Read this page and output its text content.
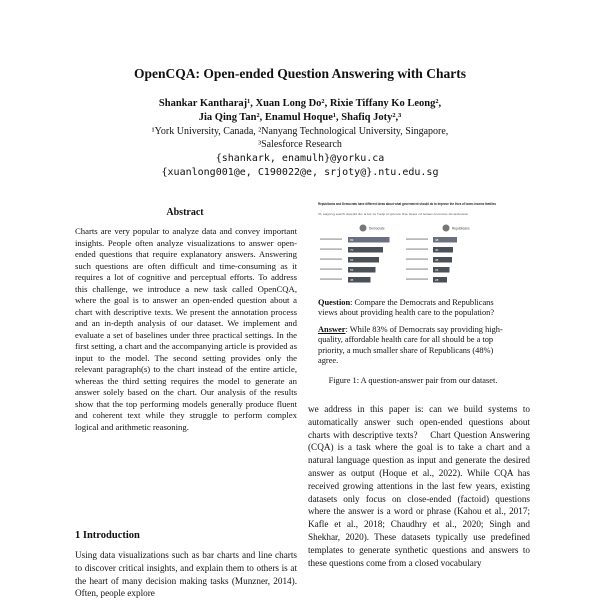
OpenCQA: Open-ended Question Answering with Charts
Shankar Kantharaj¹, Xuan Long Do², Rixie Tiffany Ko Leong²,
Jia Qing Tan², Enamul Hoque¹, Shafiq Joty²,³
¹York University, Canada, ²Nanyang Technological University, Singapore,
³Salesforce Research
{shankark, enamulh}@yorku.ca
{xuanlong001@e, C190022@e, srjoty@}.ntu.edu.sg
Abstract
Charts are very popular to analyze data and convey important insights. People often analyze visualizations to answer open-ended questions that require explanatory answers. Answering such questions are often difficult and time-consuming as it requires a lot of cognitive and perceptual efforts. To address this challenge, we introduce a new task called OpenCQA, where the goal is to answer an open-ended question about a chart with descriptive texts. We present the annotation process and an in-depth analysis of our dataset. We implement and evaluate a set of baselines under three practical settings. In the first setting, a chart and the accompanying article is provided as input to the model. The second setting provides only the relevant paragraph(s) to the chart instead of the entire article, whereas the third setting requires the model to generate an answer solely based on the chart. Our analysis of the results show that the top performing models generally produce fluent and coherent text while they struggle to perform complex logical and arithmetic reasoning.
1 Introduction
Using data visualizations such as bar charts and line charts to discover critical insights, and explain them to others is at the heart of many decision making tasks (Munzner, 2014). Often, people explore
Republicans and Democrats have different ideas about what government should do to improve the lives of lower-income families
% saying each would do a lot to help improve the lives of lower-income Americans
Democrats	Republicans
83
70
62
55
45
48
40
38
33
28
Question: Compare the Democrats and Republicans views about providing health care to the population?
Answer: While 83% of Democrats say providing high-quality, affordable health care for all should be a top priority, a much smaller share of Republicans (48%) agree.
Figure 1: A question-answer pair from our dataset.
we address in this paper is: can we build systems to automatically answer such open-ended questions about charts with descriptive texts?    Chart Question Answering (CQA) is a task where the goal is to take a chart and a natural language question as input and generate the desired answer as output (Hoque et al., 2022). While CQA has received growing attentions in the last few years, existing datasets only focus on close-ended (factoid) questions where the answer is a word or phrase (Kahou et al., 2017; Kafle et al., 2018; Chaudhry et al., 2020; Singh and Shekhar, 2020). These datasets typically use predefined templates to generate synthetic questions and answers to these questions come from a closed vocabulary
